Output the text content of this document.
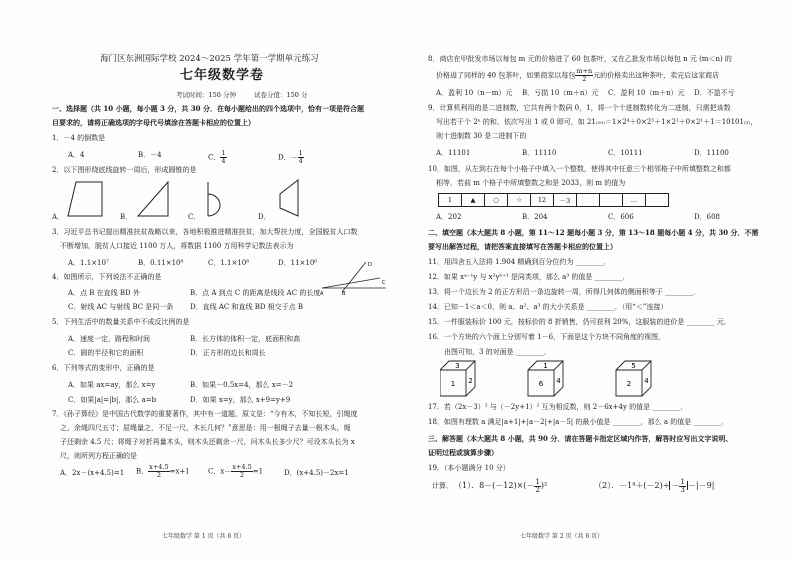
海门区东洲国际学校 2024～2025 学年第一学期单元练习
七年级数学卷
考试时间：150 分钟	试卷分值：150 分
一、选择题（共 10 小题，每小题 3 分，共 30 分．在每小题给出的四个选项中，恰有一项是符合题
目要求的，请将正确选项的字母代号填涂在答题卡相应的位置上）
1．－4 的倒数是
A．4	B．－4	C． $\frac{1}{4}$	D．－ $\frac{1}{4}$
2．以下图形绕底线旋转一周后，形成圆锥的是
A．	B．	C．	D．
3．习近平总书记提出精准扶贫战略以来，各地积极推进精准扶贫，加大帮扶力度，全国脱贫人口数
不断增加，脱贫人口接近 1100 万人，将数据 1100 万用科学记数法表示为
A．1.1×10⁷	B．0.11×10⁸	C．1.1×10⁸	D．11×10⁶
4．如图所示，下列说法不正确的是
A	B
C
D
A．点 B 在直线 BD 外	B．点 A 到点 C 的距离是线段 AC 的长度
C．射线 AC 与射线 BC 是同一条 D．直线 AC 和直线 BD 相交于点 B
5．下列生活中的数量关系中不成反比例的是
A．速度一定，路程和时间	B．长方体的体积一定，底面积和高
C．圆的半径和它的面积	D．正方形的边长和周长
6．下列等式的变形中，正确的是
A．如果 ax=ay，那么 x=y	B．如果－0.5x=4，那么 x=－2
C．如果|a|=|b|，那么 a=b	D．如果 x=y，那么 x+9=y+9
7．《孙子算经》是中国古代数学的重要著作，其中有一道题，原文是：“今有木，不知长短，引绳度
之，余绳四尺五寸；屈绳量之，不足一尺，木长几何？”意思是：用一根绳子去量一根木头，绳
子还剩余 4.5 尺；将绳子对折再量木头，则木头还剩余一尺，问木头长多少尺？可设木头长为 x
尺，则所列方程正确的是
A．2x－(x+4.5)=1 B． $\frac{x+4.5}{2} =x+1$	C．$x- \frac{x+4.5}{2} =1$	D．(x+4.5)－2x=1
七年级数学 第 1 页（共 6 页）
8．商店在甲批发市场以每包 m 元的价格进了 60 包茶叶，又在乙批发市场以每包 n 元 (m＜n) 的
价格进了同样的 40 包茶叶，如果商家以每包 $\frac{m+n}{2}$ 元的价格卖出这种茶叶，卖完后这家商店
A．盈利 10（n－m）元 B．亏损 10（m＋n）元 C．盈利 10（m＋n）元 D．不盈不亏
9．计算机利用的是二进制数，它共有两个数码 0，1，将一个十进制数转化为二进制，只需把该数
写出若干个 2ⁿ 的和，依次写出 1 或 0 即可，如 21₍₁₀₎＝1×2⁴＋0×2³＋1×2²＋0×2¹＋1＝10101₍₂₎，
则十进制数 30 是二进制下的
A．11101	B．11110	C．10111	D．11100
10．如图，从左到右在每个小格子中填入一个整数，使得其中任意三个相邻格子中所填整数之和都
相等，若前 m 个格子中所填整数之和是 2033，则 m 的值为
1	▲	○	☆	12	－3			…	
A．202	B．204	C．606	D．608
二、填空题（本大题共 8 小题，第 11～12 题每小题 3 分，第 13～18 题每小题 4 分，共 30 分．不需
要写出解答过程，请把答案直接填写在答题卡相应的位置上）
11．用四舍五入法将 1.904 精确到百分位约为 ________．
12．如果 xᵃ⁻¹y 与 x²yᵇ⁺¹ 是同类项，那么 a³ 的值是 ________．
13．将一个边长为 2 的正方形沿一条边旋转一周，所得几何体的侧面积等于 ________．
14．已知－1＜a＜0，则 a、a²、a³ 的大小关系是 ________．（用“＜”连接）
15．一件服装标价 100 元，按标价的 8 折销售，仍可获利 20%，这服装的进价是 ________ 元．
16．一个方块的六个面上分别写着 1－6，下面是这个方块不同角度的视图，
由图可知，3 的对面是 ________．
3
1 2
1
6 4
5
2 4
17．若（2x－3）² 与（－2y+1）² 互为相反数，则 2－6x+4y 的值是 ________．
18．如图有理数 a 满足|a+1|+|a－2|+|a－5| 的最小值是 ________，那么 a 的值是 ________．
三、解答题（本大题共 8 小题，共 90 分．请在答题卡指定区域内作答，解答时应写出文字说明、
证明过程或演算步骤）
19．（本小题满分 10 分）
计算． （1）．$8-(-12)\times(- \frac{1}{2} )^2$	（2）．$-1^4+(-2)\div - \frac{1}{3} -|-9|$
七年级数学 第 2 页（共 6 页）
